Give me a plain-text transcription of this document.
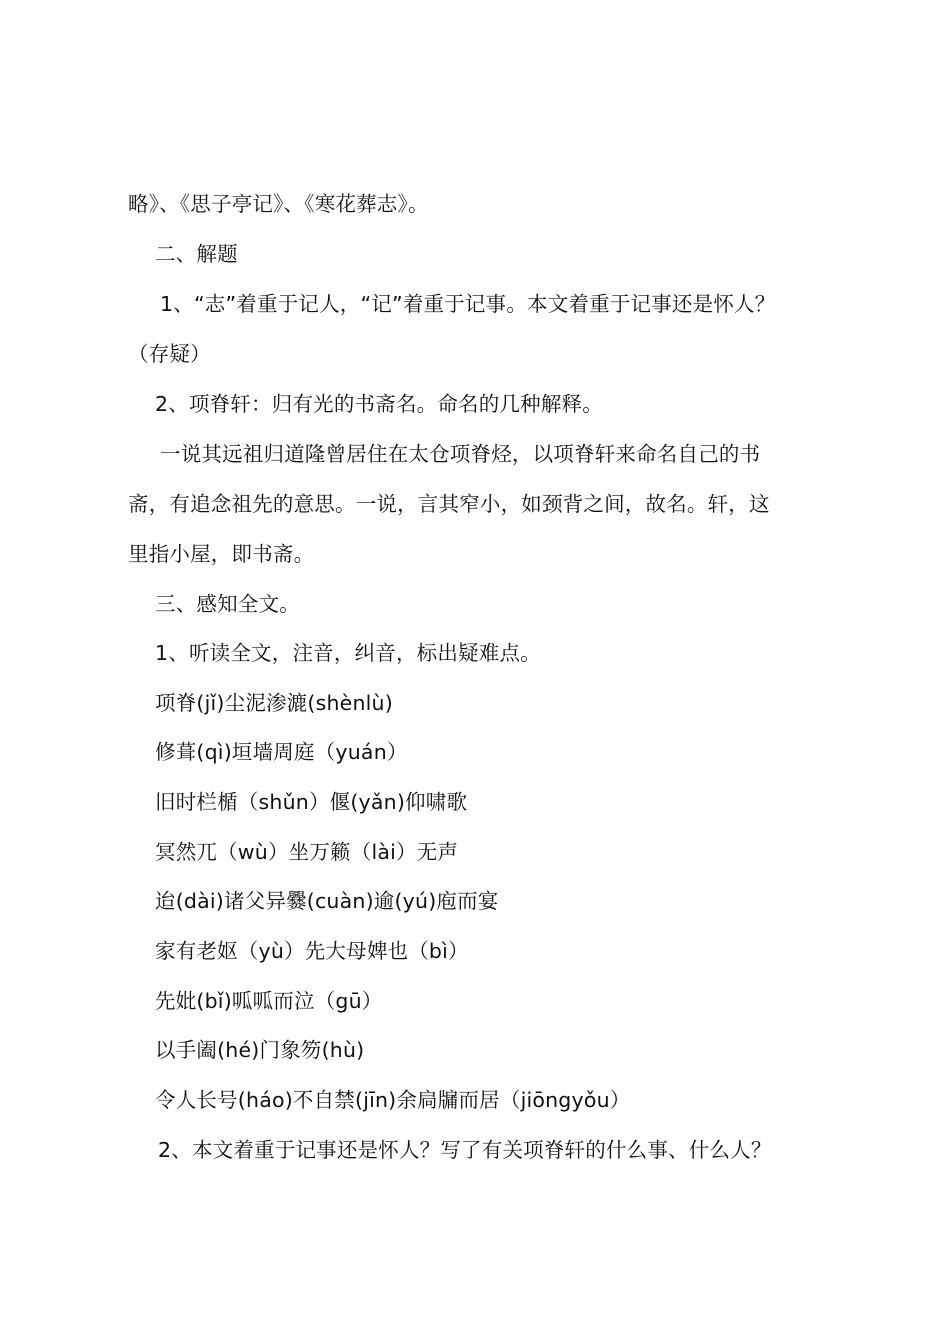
略》、《思子亭记》、《寒花葬志》。
二、解题
1、“志”着重于记人，“记”着重于记事。本文着重于记事还是怀人？
（存疑）
2、项脊轩：归有光的书斋名。命名的几种解释。
一说其远祖归道隆曾居住在太仓项脊烃，以项脊轩来命名自己的书
斋，有追念祖先的意思。一说，言其窄小，如颈背之间，故名。轩，这
里指小屋，即书斋。
三、感知全文。
1、听读全文，注音，纠音，标出疑难点。
项脊(jǐ)尘泥渗漉(shènlù)
修葺(qì)垣墙周庭（yuán）
旧时栏楯（shǔn）偃(yǎn)仰啸歌
冥然兀（wù）坐万籁（lài）无声
迨(dài)诸父异爨(cuàn)逾(yú)庖而宴
家有老妪（yù）先大母婢也（bì）
先妣(bǐ)呱呱而泣（gū）
以手阖(hé)门象笏(hù)
令人长号(háo)不自禁(jīn)余扃牖而居（jiōngyǒu）
2、本文着重于记事还是怀人？写了有关项脊轩的什么事、什么人？
